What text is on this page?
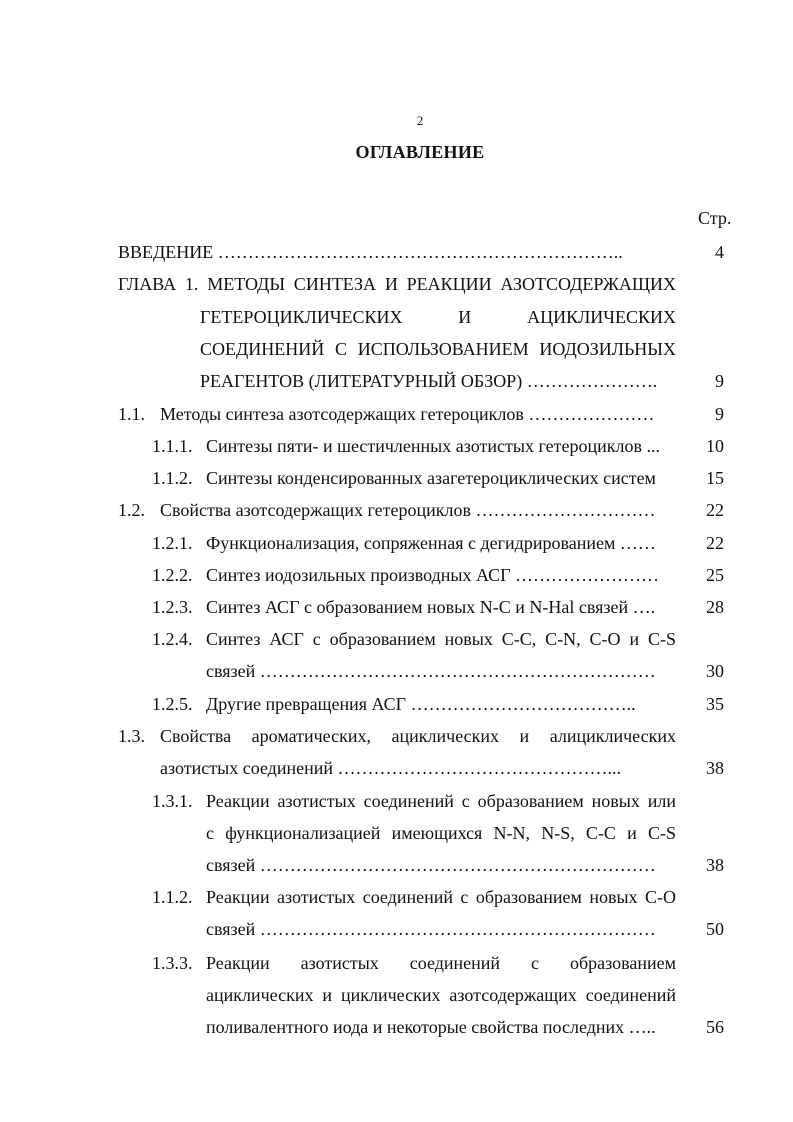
2
ОГЛАВЛЕНИЕ
Стр.
ВВЕДЕНИЕ …………………………………………………………..	4
ГЛАВА 1. МЕТОДЫ СИНТЕЗА И РЕАКЦИИ АЗОТСОДЕРЖАЩИХ
ГЕТЕРОЦИКЛИЧЕСКИХ И АЦИКЛИЧЕСКИХ
СОЕДИНЕНИЙ С ИСПОЛЬЗОВАНИЕМ ИОДОЗИЛЬНЫХ
РЕАГЕНТОВ (ЛИТЕРАТУРНЫЙ ОБЗОР) ………………….	9
1.1. Методы синтеза азотсодержащих гетероциклов …………………	9
1.1.1. Синтезы пяти- и шестичленных азотистых гетероциклов ...	10
1.1.2. Синтезы конденсированных азагетероциклических систем	15
1.2. Свойства азотсодержащих гетероциклов …………………………	22
1.2.1. Функционализация, сопряженная с дегидрированием ……	22
1.2.2. Синтез иодозильных производных АСГ ……………………	25
1.2.3. Синтез АСГ с образованием новых N-C и N-Hal связей ….	28
1.2.4. Синтез АСГ с образованием новых С-С, С-N, С-О и С-S
связей …………………………………………………………	30
1.2.5. Другие превращения АСГ ………………………………..	35
1.3. Свойства ароматических, ациклических и алициклических
азотистых соединений ………………………………………...	38
1.3.1. Реакции азотистых соединений с образованием новых или
с функционализацией имеющихся N-N, N-S, C-C и C-S
связей …………………………………………………………	38
1.1.2. Реакции азотистых соединений с образованием новых С-О
связей …………………………………………………………	50
1.3.3. Реакции азотистых соединений с образованием
ациклических и циклических азотсодержащих соединений
поливалентного иода и некоторые свойства последних …..	56
